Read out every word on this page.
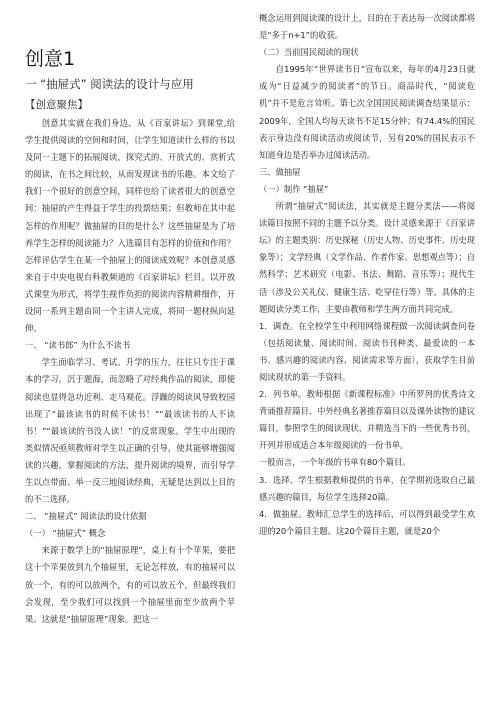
创意1
一 “抽屉式” 阅读法的设计与应用
【创意聚焦】

创意其实就在我们身边。从《百家讲坛》到课堂,给学生提供阅读的空间和时间，让学生知道读什么样的书以及同一主题下的拓展阅读，探究式的、开放式的、赏析式的阅读，在书之间比较，从而发现读书的乐趣。本文给了我们一个很好的创意空间，同样也给了读者很大的创意空间：抽屉的产生得益于学生的投票结果；但教师在其中起怎样的作用呢？做抽屉的目的是什么？这些抽屉是为了培养学生怎样的阅读能力？入选篇目有怎样的价值和作用？怎样评估学生在某一个抽屉上的阅读成效呢？本创意灵感来自于中央电视台科教频道的《百家讲坛》栏目。以开放式课堂为形式，将学生视作负担的阅读内容精耕细作，开设同一系列主题由同一个主讲人完成，将同一题材纵向延伸。

一、 “读书郎” 为什么不读书

学生面临学习、考试、升学的压力，往往只专注于课本的学习，沉于题海，而忽略了对经典作品的阅读，即便阅读也显得急功近利、走马观花。浮躁的阅读风导致校园出现了“最该读书的时候不读书！”“最该读书的人不读书！”“最该读的书没人读！”的反常现象。学生中出现的类似情况亟须教师对学生以正确的引导，使其能够增强阅读的兴趣，掌握阅读的方法，提升阅读的境界，而引导学生以点带面、举一反三地阅读经典，无疑是达到以上目的的不二选择。

二、 “抽屉式” 阅读法的设计依据

（一） “抽屉式” 概念

来源于数学上的“抽屉原理”，桌上有十个苹果，要把这十个苹果放到九个抽屉里，无论怎样放，有的抽屉可以放一个，有的可以放两个，有的可以放五个，但最终我们会发现，至少我们可以找到一个抽屉里面至少放两个苹果。这就是“抽屉原理”现象。把这一

概念运用到阅读课的设计上，目的在于表达每一次阅读都将是“多于n+1”的收获。

（二）当前国民阅读的现状

自1995年“世界读书日”宣布以来，每年的4月23日就成为“日益减少的阅读者”的节日。商品时代，“阅读危机”并不是危言耸听。第七次全国国民阅读调查结果显示：2009年，全国人均每天读书不足15分钟；有74.4%的国民表示身边没有阅读活动或阅读节，另有20%的国民表示不知道身边是否举办过阅读活动。

三、做抽屉

（一）制作 “抽屉”

所谓“抽屉式”阅读法，其实就是主题分类法——将阅读篇目按照不同的主题予以分类。设计灵感来源于《百家讲坛》的主题类别：历史探秘（历史人物、历史事件、历史现象等）；文学经典（文学作品、作者作家、思想观点等）；自然科学；艺术研究（电影、书法、舞蹈、音乐等）；现代生活（涉及公关礼仪、健康生活、吃穿住行等）等。具体的主题阅读分类工作，主要由教师和学生两方面共同完成。

1．调查。在全校学生中利用网络课程做一次阅读调查问卷（包括阅读量、阅读时间、阅读书刊种类、最爱读的一本书、感兴趣的阅读内容、阅读需求等方面），获取学生目前阅读现状的第一手资料。

2．列书单。教师根据《新课程标准》中所罗列的优秀诗文背诵推荐篇目、中外经典名著推荐篇目以及课外读物的建议篇目，参照学生的阅读现状，并精选当下的一些优秀书刊，开列并形成适合本年级阅读的一份书单。

一般而言，一个年级的书单有80个篇目。

3．选择。学生根据教师提供的书单，在学期初选取自己最感兴趣的篇目，每位学生选择20篇。

4．做抽屉。教师汇总学生的选择后，可以得到最受学生欢迎的20个篇目主题。这20个篇目主题，就是20个
